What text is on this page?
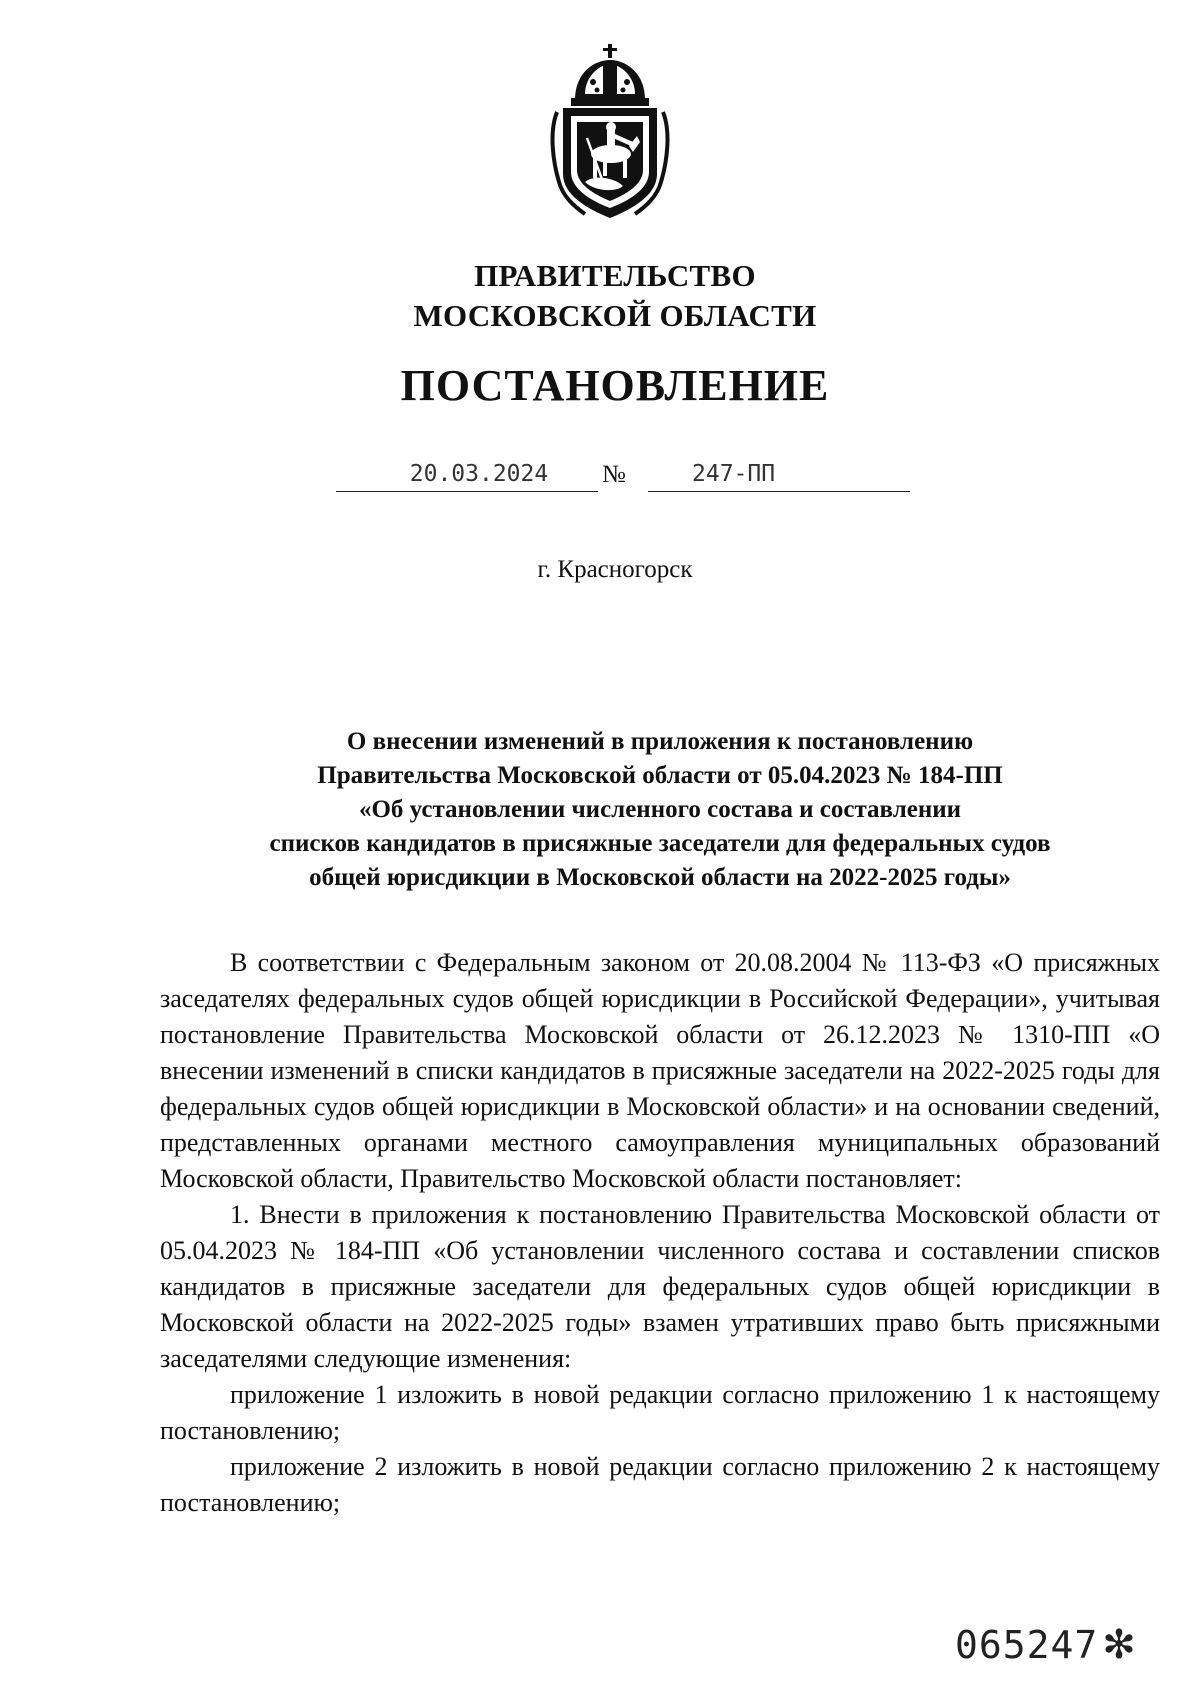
ПРАВИТЕЛЬСТВО
МОСКОВСКОЙ ОБЛАСТИ
ПОСТАНОВЛЕНИЕ
20.03.2024	№	247-ПП
г. Красногорск
О внесении изменений в приложения к постановлению
Правительства Московской области от 05.04.2023 № 184-ПП
«Об установлении численного состава и составлении
списков кандидатов в присяжные заседатели для федеральных судов
общей юрисдикции в Московской области на 2022-2025 годы»

В соответствии с Федеральным законом от 20.08.2004 № 113-ФЗ «О присяжных заседателях федеральных судов общей юрисдикции в Российской Федерации», учитывая постановление Правительства Московской области от 26.12.2023 № 1310-ПП «О внесении изменений в списки кандидатов в присяжные заседатели на 2022-2025 годы для федеральных судов общей юрисдикции в Московской области» и на основании сведений, представленных органами местного самоуправления муниципальных образований Московской области, Правительство Московской области постановляет:

1. Внести в приложения к постановлению Правительства Московской области от 05.04.2023 № 184-ПП «Об установлении численного состава и составлении списков кандидатов в присяжные заседатели для федеральных судов общей юрисдикции в Московской области на 2022-2025 годы» взамен утративших право быть присяжными заседателями следующие изменения:

приложение 1 изложить в новой редакции согласно приложению 1 к настоящему постановлению;

приложение 2 изложить в новой редакции согласно приложению 2 к настоящему постановлению;

065247 ✻
